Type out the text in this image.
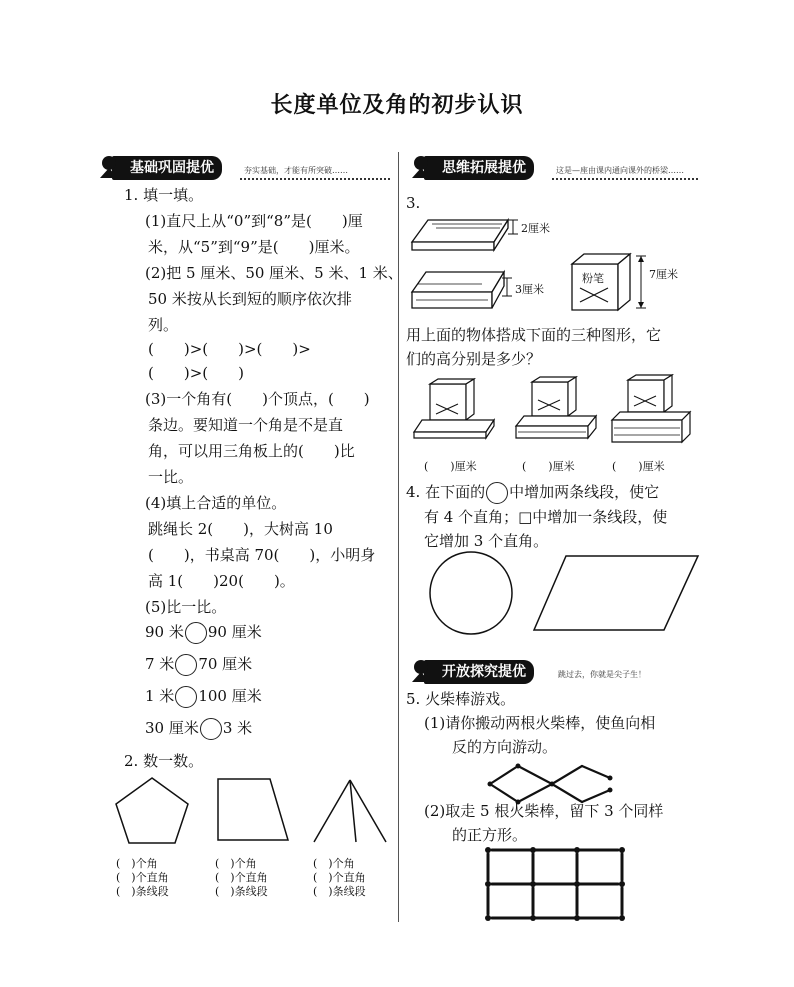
长度单位及角的初步认识
基础巩固提优	夯实基础，才能有所突破……	思维拓展提优	这是—座由课内通向课外的桥梁……
1. 填一填。
(1)直尺上从“0”到“8”是(　　)厘
米，从“5”到“9”是(　　)厘米。
(2)把 5 厘米、50 厘米、5 米、1 米、
50 米按从长到短的顺序依次排
列。
(　　)>(　　)>(　　)>
(　　)>(　　)
(3)一个角有(　　)个顶点，(　　)
条边。要知道一个角是不是直
角，可以用三角板上的(　　)比
一比。
(4)填上合适的单位。
跳绳长 2(　　)，大树高 10
(　　)，书桌高 70(　　)，小明身
高 1(　　)20(　　)。
(5)比一比。
90 米 90 厘米
7 米 70 厘米
1 米 100 厘米
30 厘米 3 米
2. 数一数。
(　)个角
(　)个直角
(　)条线段
(　)个角
(　)个直角
(　)条线段
(　)个角
(　)个直角
(　)条线段
3.
2厘米
3厘米
粉笔	7厘米
用上面的物体搭成下面的三种图形，它
们的高分别是多少？
(　　)厘米	(　　)厘米	(　　)厘米
4. 在下面的 中增加两条线段，使它
有 4 个直角；□中增加一条线段，使
它增加 3 个直角。
开放探究提优	跳过去，你就是尖子生！
5. 火柴棒游戏。
(1)请你搬动两根火柴棒，使鱼向相
反的方向游动。
(2)取走 5 根火柴棒，留下 3 个同样
的正方形。
